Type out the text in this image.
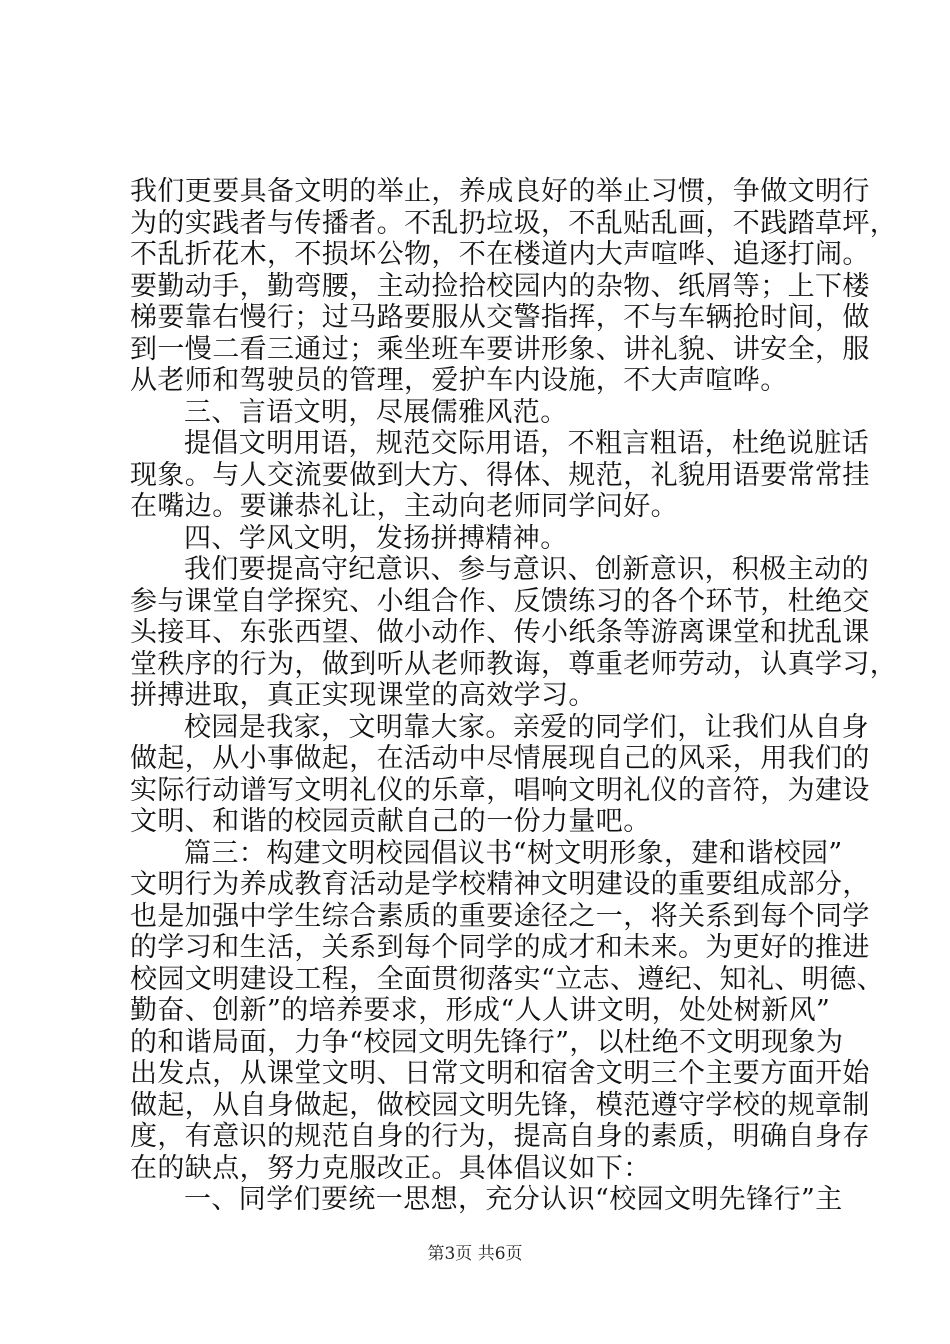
我们更要具备文明的举止，养成良好的举止习惯，争做文明行
为的实践者与传播者。不乱扔垃圾，不乱贴乱画，不践踏草坪，
不乱折花木，不损坏公物，不在楼道内大声喧哗、追逐打闹。
要勤动手，勤弯腰，主动捡拾校园内的杂物、纸屑等；上下楼
梯要靠右慢行；过马路要服从交警指挥，不与车辆抢时间，做
到一慢二看三通过；乘坐班车要讲形象、讲礼貌、讲安全，服
从老师和驾驶员的管理，爱护车内设施，不大声喧哗。
三、言语文明，尽展儒雅风范。
提倡文明用语，规范交际用语，不粗言粗语，杜绝说脏话
现象。与人交流要做到大方、得体、规范，礼貌用语要常常挂
在嘴边。要谦恭礼让，主动向老师同学问好。
四、学风文明，发扬拼搏精神。
我们要提高守纪意识、参与意识、创新意识，积极主动的
参与课堂自学探究、小组合作、反馈练习的各个环节，杜绝交
头接耳、东张西望、做小动作、传小纸条等游离课堂和扰乱课
堂秩序的行为，做到听从老师教诲，尊重老师劳动，认真学习，
拼搏进取，真正实现课堂的高效学习。
校园是我家，文明靠大家。亲爱的同学们，让我们从自身
做起，从小事做起，在活动中尽情展现自己的风采，用我们的
实际行动谱写文明礼仪的乐章，唱响文明礼仪的音符，为建设
文明、和谐的校园贡献自己的一份力量吧。
篇三：构建文明校园倡议书“树文明形象，建和谐校园”
文明行为养成教育活动是学校精神文明建设的重要组成部分，
也是加强中学生综合素质的重要途径之一，将关系到每个同学
的学习和生活，关系到每个同学的成才和未来。为更好的推进
校园文明建设工程，全面贯彻落实“立志、遵纪、知礼、明德、
勤奋、创新”的培养要求，形成“人人讲文明，处处树新风”
的和谐局面，力争“校园文明先锋行”，以杜绝不文明现象为
出发点，从课堂文明、日常文明和宿舍文明三个主要方面开始
做起，从自身做起，做校园文明先锋，模范遵守学校的规章制
度，有意识的规范自身的行为，提高自身的素质，明确自身存
在的缺点，努力克服改正。具体倡议如下：
一、同学们要统一思想，充分认识“校园文明先锋行”主
第3页 共6页
